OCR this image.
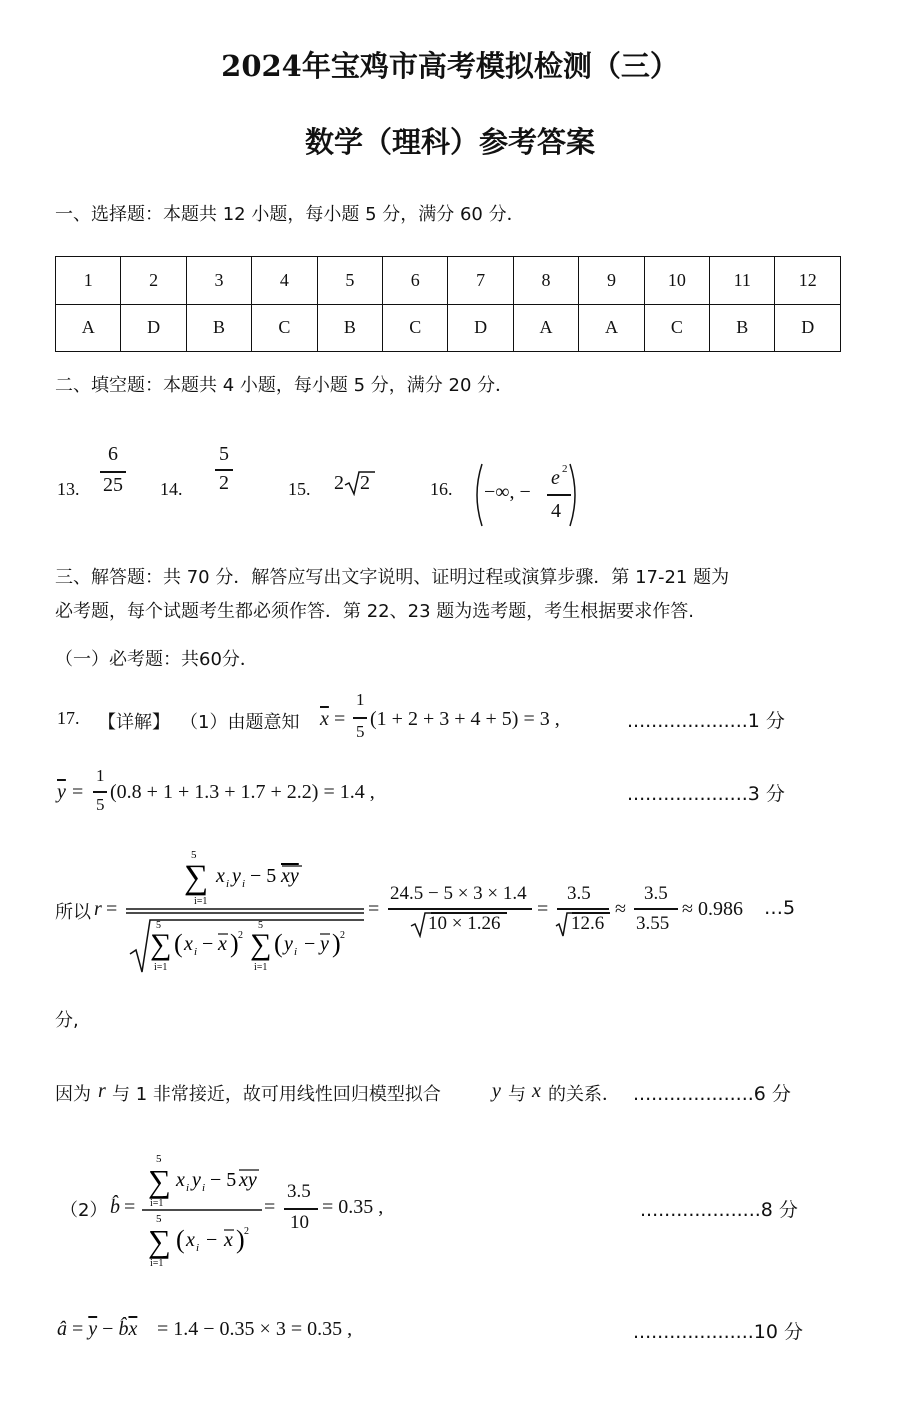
2024年宝鸡市高考模拟检测（三）
数学（理科）参考答案
一、选择题：本题共 12 小题，每小题 5 分，满分 60 分．
1	2	3	4	5	6	7	8	9	10	11	12
A	D	B	C	B	C	D	A	A	C	B	D
二、填空题：本题共 4 小题，每小题 5 分，满分 20 分．
13.
6
25 14.
5
2	15. 2 2	16. −∞, −
e 2
4
三、解答题：共 70 分．解答应写出文字说明、证明过程或演算步骤．第 17-21 题为
必考题，每个试题考生都必须作答．第 22、23 题为选考题，考生根据要求作答.
（一）必考题：共60分．
17. 【详解】 （1）由题意知 $\overline{x}$ =
1
5
(1 + 2 + 3 + 4 + 5) = 3 ,	....................1 分
$\overline{y}$ =
1
5
(0.8 + 1 + 1.3 + 1.7 + 2.2) = 1.4 ,	....................3 分
所以 r =
5
∑
i=1
x i y i − 5 xy
5
∑
i=1
( x i − x ) 2
5
∑
i=1
( y i − y ) 2
=
24.5 − 5 × 3 × 1.4
10 × 1.26
=
3.5
12.6
≈
3.5
3.55
≈ 0.986 …5
分,
因为 r 与 1 非常接近，故可用线性回归模型拟合	y 与 x 的关系． ....................6 分
（2） b̂ =
5
∑
i=1
x i y i − 5 xy
5
∑
i=1
( x i − x ) 2
=
3.5
10
= 0.35 ,	....................8 分
â = $\overline{y}$ − $b̂\overline{x} = 1.4 - 0.35 \times 3 = 0.35$ ,	....................10 分
